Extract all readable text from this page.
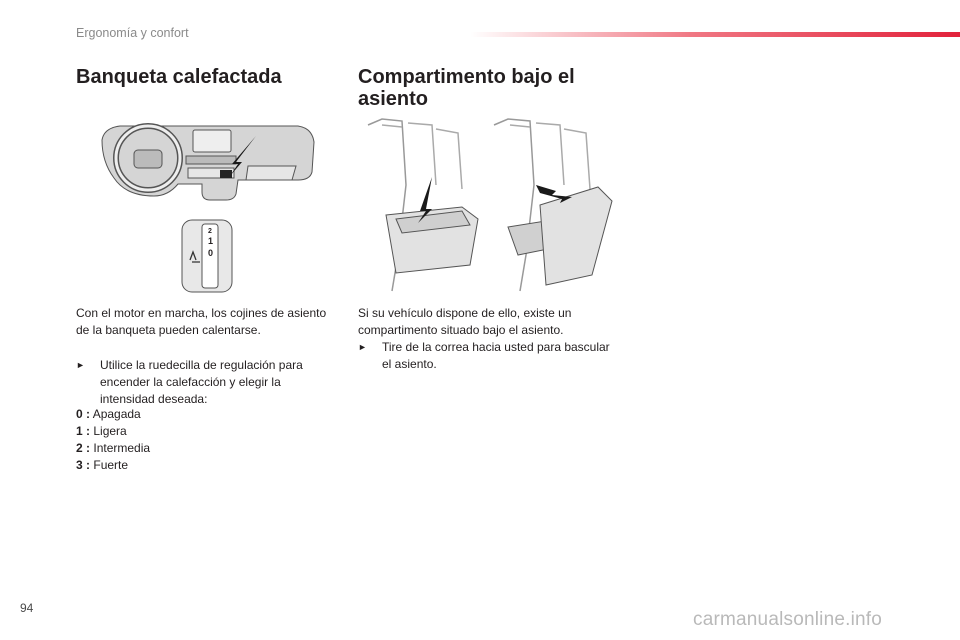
Ergonomía y confort
Banqueta calefactada
2
1
0

Con el motor en marcha, los cojines de asiento de la banqueta pueden calentarse.

► Utilice la ruedecilla de regulación para encender la calefacción y elegir la intensidad deseada:
0 : Apagada
1 : Ligera
2 : Intermedia
3 : Fuerte
Compartimento bajo el asiento

Si su vehículo dispone de ello, existe un compartimento situado bajo el asiento.

► Tire de la correa hacia usted para bascular el asiento.
94
carmanualsonline.info
